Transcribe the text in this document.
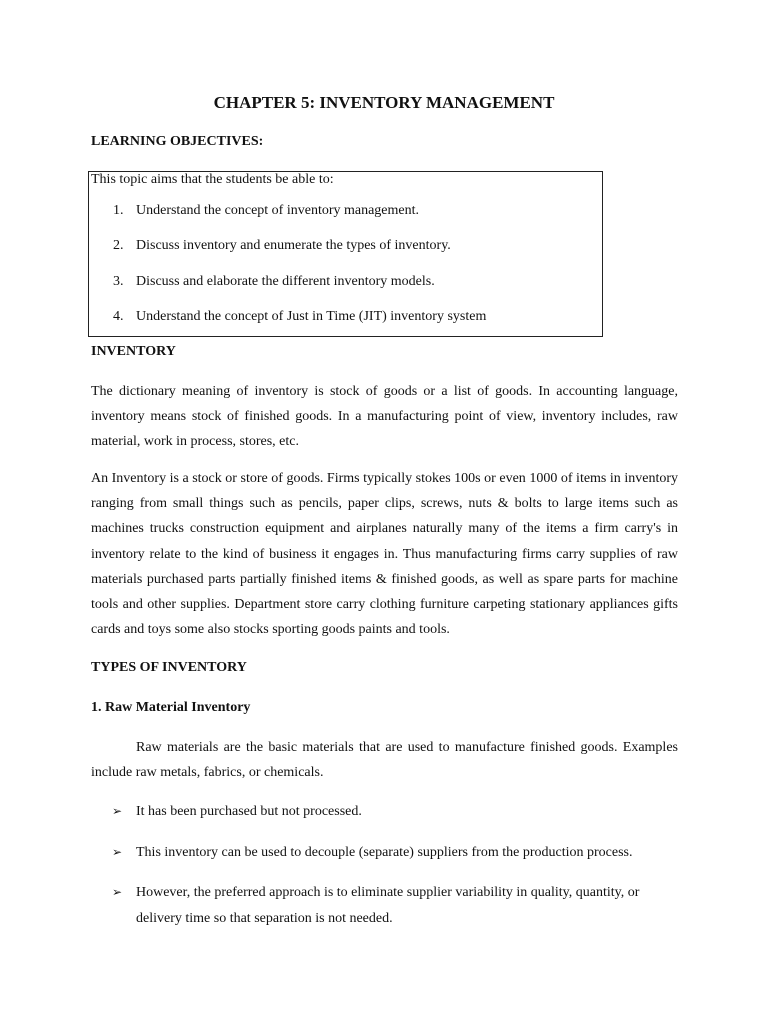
CHAPTER 5: INVENTORY MANAGEMENT
LEARNING OBJECTIVES:

This topic aims that the students be able to:

1. Understand the concept of inventory management.
2. Discuss inventory and enumerate the types of inventory.
3. Discuss and elaborate the different inventory models.
4. Understand the concept of Just in Time (JIT) inventory system
INVENTORY

The dictionary meaning of inventory is stock of goods or a list of goods. In accounting language, inventory means stock of finished goods. In a manufacturing point of view, inventory includes, raw material, work in process, stores, etc.

An Inventory is a stock or store of goods. Firms typically stokes 100s or even 1000 of items in inventory ranging from small things such as pencils, paper clips, screws, nuts & bolts to large items such as machines trucks construction equipment and airplanes naturally many of the items a firm carry's in inventory relate to the kind of business it engages in. Thus manufacturing firms carry supplies of raw materials purchased parts partially finished items & finished goods, as well as spare parts for machine tools and other supplies. Department store carry clothing furniture carpeting stationary appliances gifts cards and toys some also stocks sporting goods paints and tools.

TYPES OF INVENTORY
1. Raw Material Inventory

Raw materials are the basic materials that are used to manufacture finished goods. Examples include raw metals, fabrics, or chemicals.

➢ It has been purchased but not processed.
➢ This inventory can be used to decouple (separate) suppliers from the production process.
➢ However, the preferred approach is to eliminate supplier variability in quality, quantity, or delivery time so that separation is not needed.
